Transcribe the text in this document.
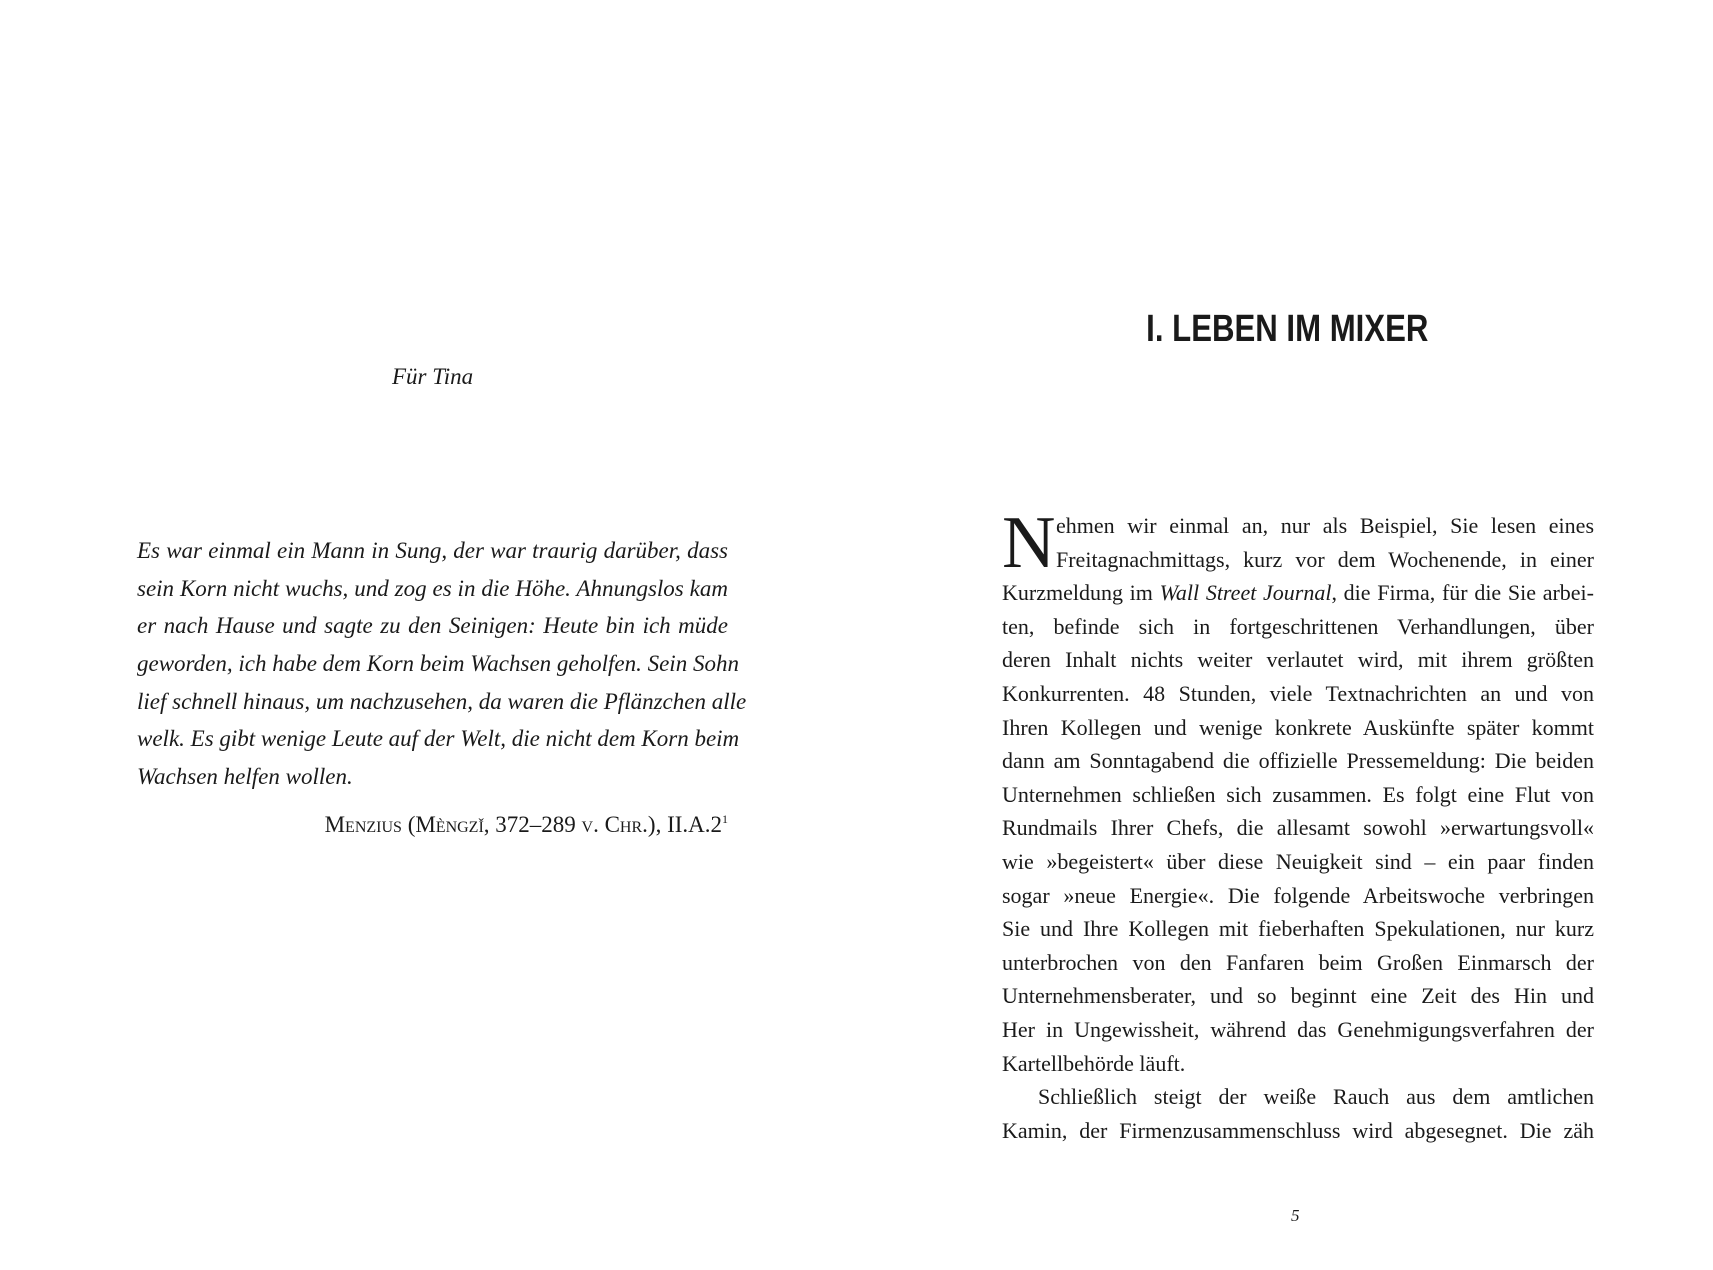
Für Tina
Es war einmal ein Mann in Sung, der war traurig darüber, dass
sein Korn nicht wuchs, und zog es in die Höhe. Ahnungslos kam
er nach Hause und sagte zu den Seinigen: Heute bin ich müde
geworden, ich habe dem Korn beim Wachsen geholfen. Sein Sohn
lief schnell hinaus, um nachzusehen, da waren die Pflänzchen alle
welk. Es gibt wenige Leute auf der Welt, die nicht dem Korn beim
Wachsen helfen wollen.
Menzius (Mèngzǐ, 372–289 v. Chr.), $II.A.2^1$
I. LEBEN IM MIXER
N ehmen wir einmal an, nur als Beispiel, Sie lesen eines
Freitagnachmittags, kurz vor dem Wochenende, in einer
Kurzmeldung im Wall Street Journal, die Firma, für die Sie arbei-
ten, befinde sich in fortgeschrittenen Verhandlungen, über
deren Inhalt nichts weiter verlautet wird, mit ihrem größten
Konkurrenten. 48 Stunden, viele Textnachrichten an und von
Ihren Kollegen und wenige konkrete Auskünfte später kommt
dann am Sonntagabend die offizielle Pressemeldung: Die beiden
Unternehmen schließen sich zusammen. Es folgt eine Flut von
Rundmails Ihrer Chefs, die allesamt sowohl »erwartungsvoll«
wie »begeistert« über diese Neuigkeit sind – ein paar finden
sogar »neue Energie«. Die folgende Arbeitswoche verbringen
Sie und Ihre Kollegen mit fieberhaften Spekulationen, nur kurz
unterbrochen von den Fanfaren beim Großen Einmarsch der
Unternehmensberater, und so beginnt eine Zeit des Hin und
Her in Ungewissheit, während das Genehmigungsverfahren der
Kartellbehörde läuft.
Schließlich steigt der weiße Rauch aus dem amtlichen
Kamin, der Firmenzusammenschluss wird abgesegnet. Die zäh
5
